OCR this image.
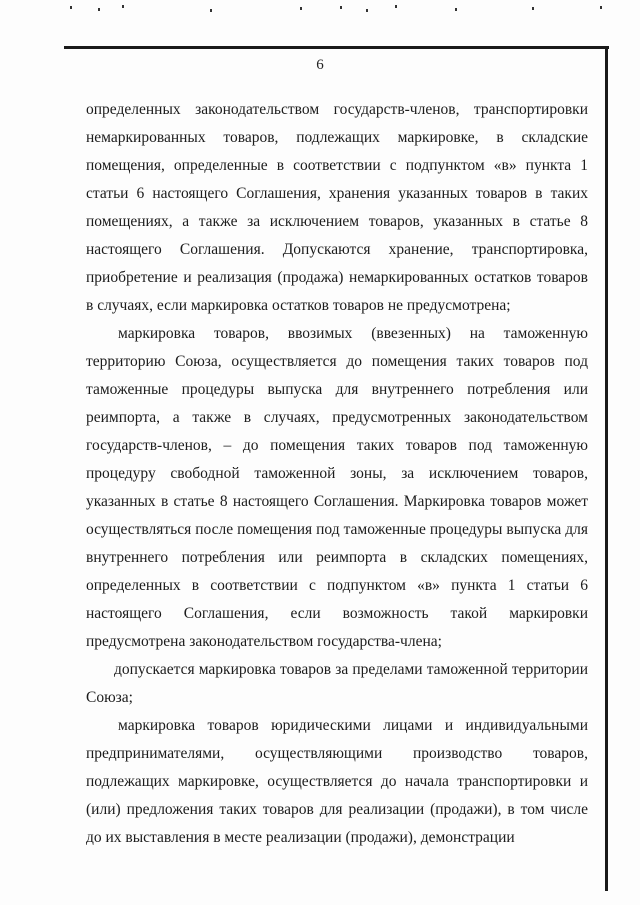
6

определенных законодательством государств-членов, транспортировки немаркированных товаров, подлежащих маркировке, в складские помещения, определенные в соответствии с подпунктом «в» пункта 1 статьи 6 настоящего Соглашения, хранения указанных товаров в таких помещениях, а также за исключением товаров, указанных в статье 8 настоящего Соглашения. Допускаются хранение, транспортировка, приобретение и реализация (продажа) немаркированных остатков товаров в случаях, если маркировка остатков товаров не предусмотрена;

маркировка товаров, ввозимых (ввезенных) на таможенную территорию Союза, осуществляется до помещения таких товаров под таможенные процедуры выпуска для внутреннего потребления или реимпорта, а также в случаях, предусмотренных законодательством государств-членов, – до помещения таких товаров под таможенную процедуру свободной таможенной зоны, за исключением товаров, указанных в статье 8 настоящего Соглашения. Маркировка товаров может осуществляться после помещения под таможенные процедуры выпуска для внутреннего потребления или реимпорта в складских помещениях, определенных в соответствии с подпунктом «в» пункта 1 статьи 6 настоящего Соглашения, если возможность такой маркировки предусмотрена законодательством государства-члена;

допускается маркировка товаров за пределами таможенной территории Союза;

маркировка товаров юридическими лицами и индивидуальными предпринимателями, осуществляющими производство товаров, подлежащих маркировке, осуществляется до начала транспортировки и (или) предложения таких товаров для реализации (продажи), в том числе до их выставления в месте реализации (продажи), демонстрации
